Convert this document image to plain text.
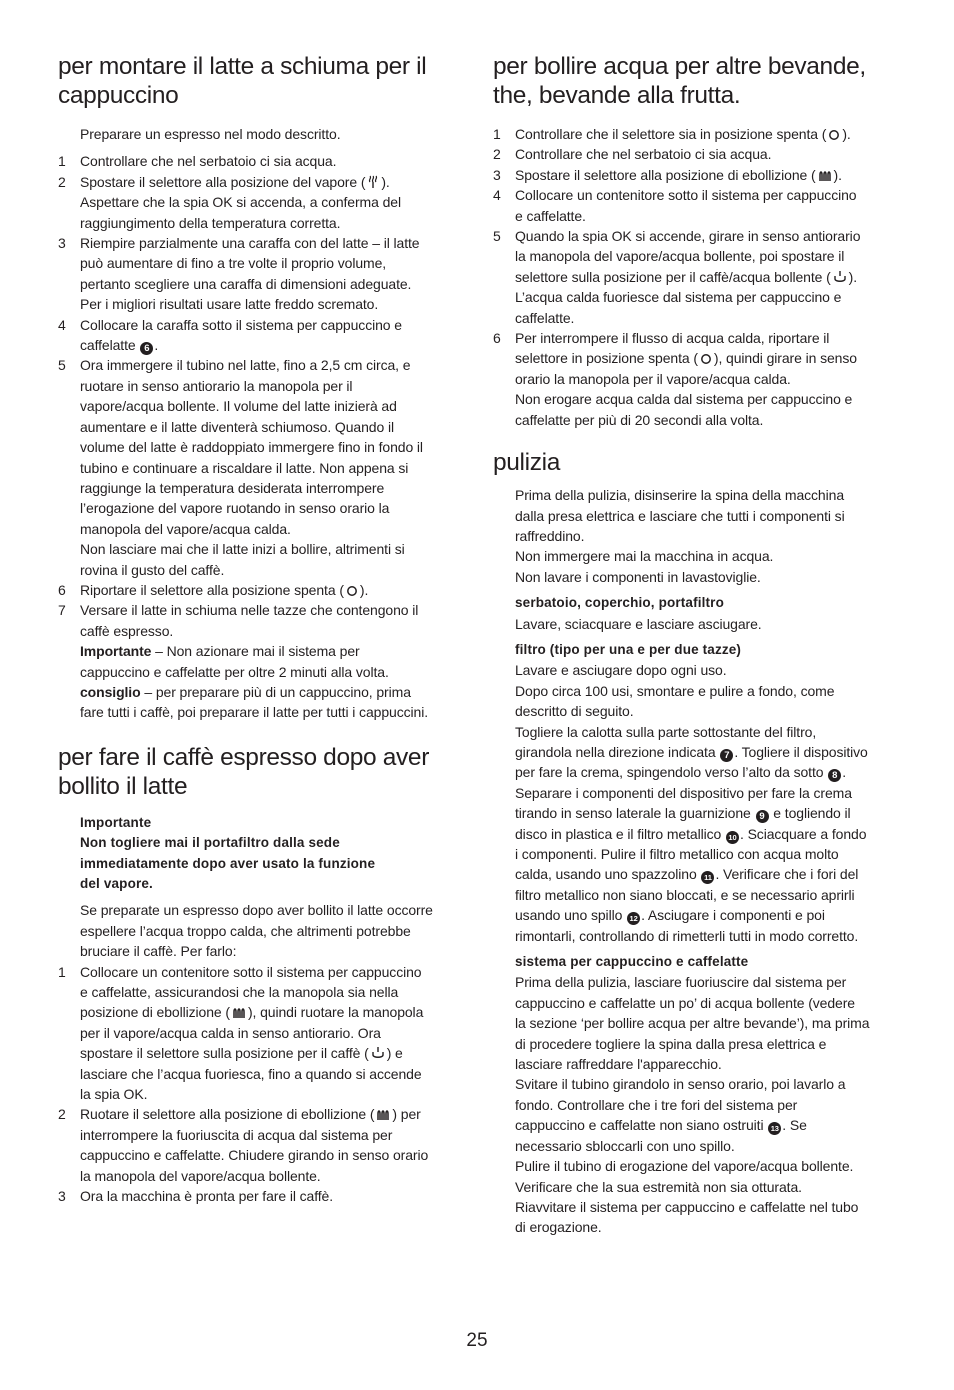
per montare il latte a schiuma per il
cappuccino
Preparare un espresso nel modo descritto.
1	Controllare che nel serbatoio ci sia acqua.
2	Spostare il selettore alla posizione del vapore ( ).
Aspettare che la spia OK si accenda, a conferma del
raggiungimento della temperatura corretta.
3	Riempire parzialmente una caraffa con del latte – il latte
può aumentare di fino a tre volte il proprio volume,
pertanto scegliere una caraffa di dimensioni adeguate.
Per i migliori risultati usare latte freddo scremato.
4	Collocare la caraffa sotto il sistema per cappuccino e
caffelatte 6 .
5	Ora immergere il tubino nel latte, fino a 2,5 cm circa, e
ruotare in senso antiorario la manopola per il
vapore/acqua bollente. Il volume del latte inizierà ad
aumentare e il latte diventerà schiumoso. Quando il
volume del latte è raddoppiato immergere fino in fondo il
tubino e continuare a riscaldare il latte. Non appena si
raggiunge la temperatura desiderata interrompere
l’erogazione del vapore ruotando in senso orario la
manopola del vapore/acqua calda.
Non lasciare mai che il latte inizi a bollire, altrimenti si
rovina il gusto del caffè.
6	Riportare il selettore alla posizione spenta ( ).
7	Versare il latte in schiuma nelle tazze che contengono il
caffè espresso.
Importante – Non azionare mai il sistema per
cappuccino e caffelatte per oltre 2 minuti alla volta.
consiglio – per preparare più di un cappuccino, prima
fare tutti i caffè, poi preparare il latte per tutti i cappuccini.
per fare il caffè espresso dopo aver
bollito il latte
Importante
Non togliere mai il portafiltro dalla sede
immediatamente dopo aver usato la funzione
del vapore.
Se preparate un espresso dopo aver bollito il latte occorre
espellere l’acqua troppo calda, che altrimenti potrebbe
bruciare il caffè. Per farlo:
1	Collocare un contenitore sotto il sistema per cappuccino
e caffelatte, assicurandosi che la manopola sia nella
posizione di ebollizione ( ), quindi ruotare la manopola
per il vapore/acqua calda in senso antiorario. Ora
spostare il selettore sulla posizione per il caffè ( ) e
lasciare che l’acqua fuoriesca, fino a quando si accende
la spia OK.
2	Ruotare il selettore alla posizione di ebollizione ( ) per
interrompere la fuoriuscita di acqua dal sistema per
cappuccino e caffelatte. Chiudere girando in senso orario
la manopola del vapore/acqua bollente.
3	Ora la macchina è pronta per fare il caffè.
per bollire acqua per altre bevande,
the, bevande alla frutta.
1	Controllare che il selettore sia in posizione spenta ( ).
2	Controllare che nel serbatoio ci sia acqua.
3	Spostare il selettore alla posizione di ebollizione ( ).
4	Collocare un contenitore sotto il sistema per cappuccino
e caffelatte.
5	Quando la spia OK si accende, girare in senso antiorario
la manopola del vapore/acqua bollente, poi spostare il
selettore sulla posizione per il caffè/acqua bollente ( ).
L’acqua calda fuoriesce dal sistema per cappuccino e
caffelatte.
6	Per interrompere il flusso di acqua calda, riportare il
selettore in posizione spenta ( ), quindi girare in senso
orario la manopola per il vapore/acqua calda.
Non erogare acqua calda dal sistema per cappuccino e
caffelatte per più di 20 secondi alla volta.
pulizia
Prima della pulizia, disinserire la spina della macchina
dalla presa elettrica e lasciare che tutti i componenti si
raffreddino.
Non immergere mai la macchina in acqua.
Non lavare i componenti in lavastoviglie.
serbatoio, coperchio, portafiltro
Lavare, sciacquare e lasciare asciugare.
filtro (tipo per una e per due tazze)
Lavare e asciugare dopo ogni uso.
Dopo circa 100 usi, smontare e pulire a fondo, come
descritto di seguito.
Togliere la calotta sulla parte sottostante del filtro,
girandola nella direzione indicata 7 . Togliere il dispositivo
per fare la crema, spingendolo verso l’alto da sotto 8 .
Separare i componenti del dispositivo per fare la crema
tirando in senso laterale la guarnizione 9 e togliendo il
disco in plastica e il filtro metallico 10 . Sciacquare a fondo
i componenti. Pulire il filtro metallico con acqua molto
calda, usando uno spazzolino 11 . Verificare che i fori del
filtro metallico non siano bloccati, e se necessario aprirli
usando uno spillo 12 . Asciugare i componenti e poi
rimontarli, controllando di rimetterli tutti in modo corretto.
sistema per cappuccino e caffelatte
Prima della pulizia, lasciare fuoriuscire dal sistema per
cappuccino e caffelatte un po’ di acqua bollente (vedere
la sezione ‘per bollire acqua per altre bevande’), ma prima
di procedere togliere la spina dalla presa elettrica e
lasciare raffreddare l'apparecchio.
Svitare il tubino girandolo in senso orario, poi lavarlo a
fondo. Controllare che i tre fori del sistema per
cappuccino e caffelatte non siano ostruiti 13 . Se
necessario sbloccarli con uno spillo.
Pulire il tubino di erogazione del vapore/acqua bollente.
Verificare che la sua estremità non sia otturata.
Riavvitare il sistema per cappuccino e caffelatte nel tubo
di erogazione.
25
